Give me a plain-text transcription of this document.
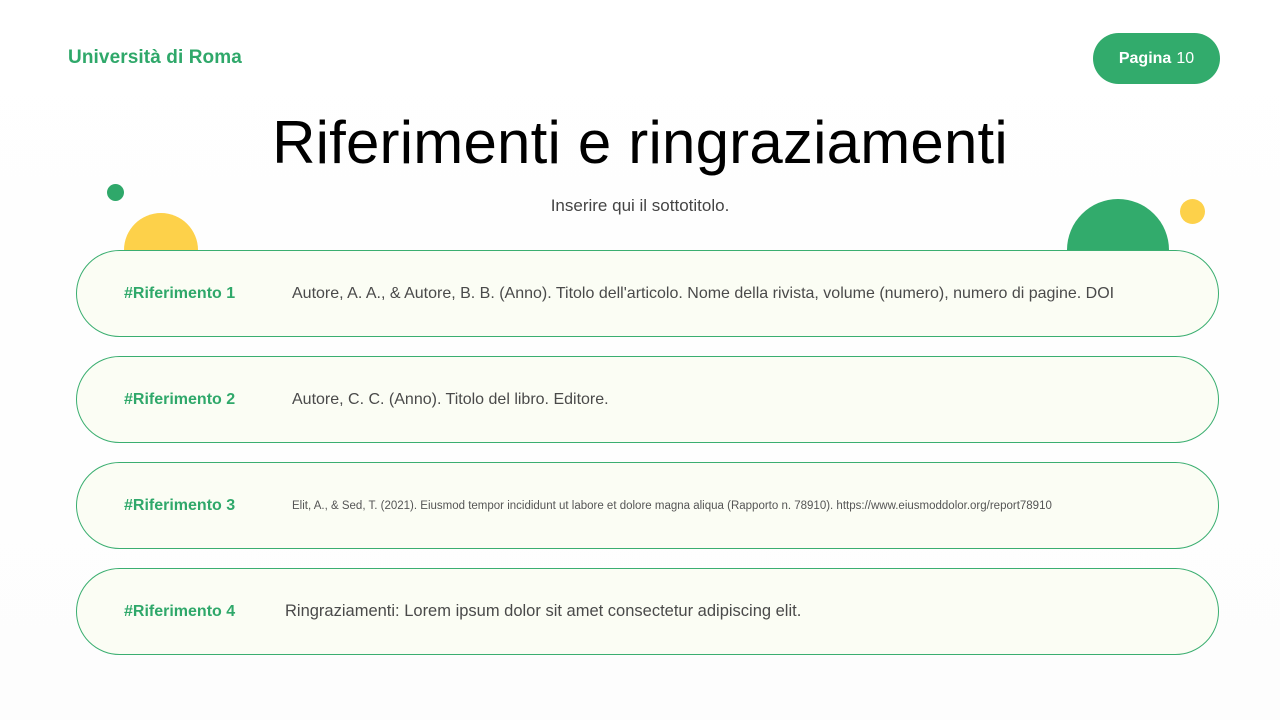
Università di Roma	Pagina 10
Riferimenti e ringraziamenti
Inserire qui il sottotitolo.
#Riferimento 1	Autore, A. A., & Autore, B. B. (Anno). Titolo dell'articolo. Nome della rivista, volume (numero), numero di pagine. DOI
#Riferimento 2	Autore, C. C. (Anno). Titolo del libro. Editore.
#Riferimento 3	Elit, A., & Sed, T. (2021). Eiusmod tempor incididunt ut labore et dolore magna aliqua (Rapporto n. 78910). https://www.eiusmoddolor.org/report78910
#Riferimento 4	Ringraziamenti: Lorem ipsum dolor sit amet consectetur adipiscing elit.
